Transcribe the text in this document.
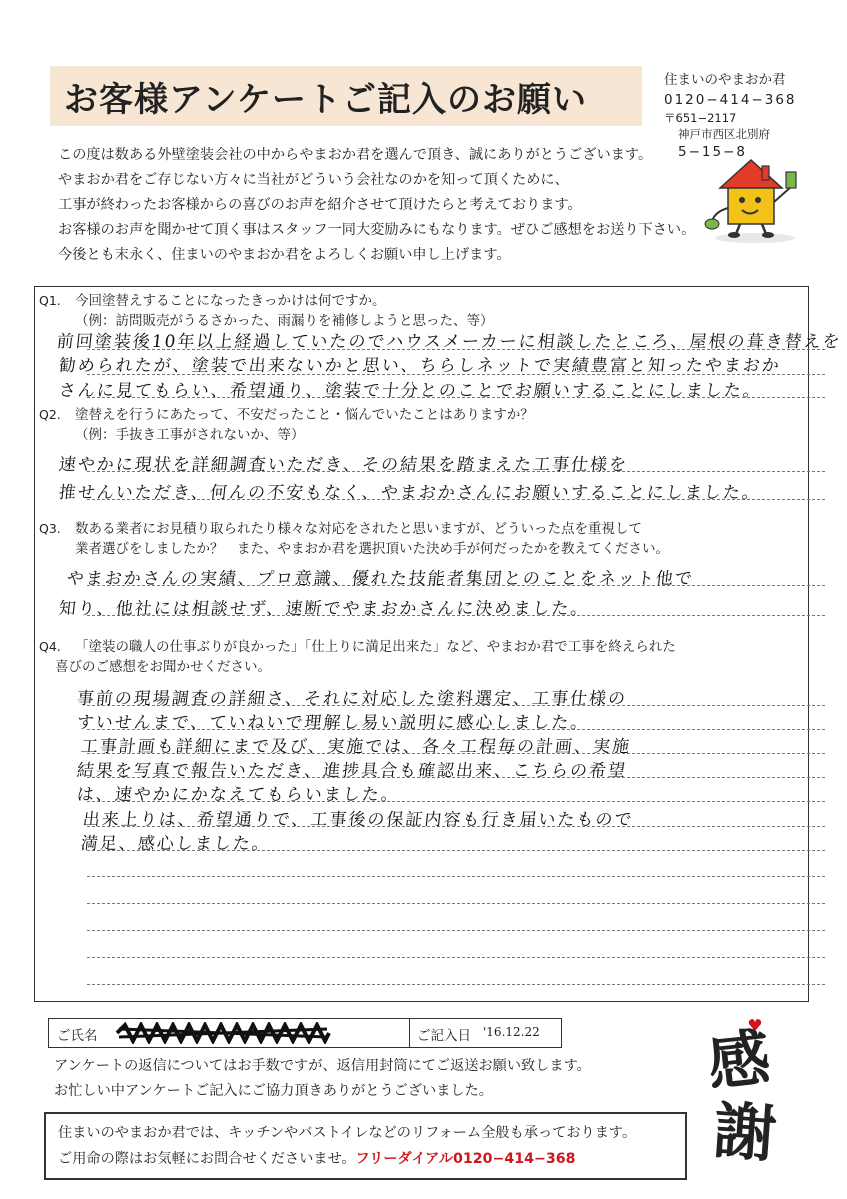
お客様アンケートご記入のお願い	住まいのやまおか君
0120−414−368
〒651−2117
神戸市西区北別府
5−15−8
この度は数ある外壁塗装会社の中からやまおか君を選んで頂き、誠にありがとうございます。
やまおか君をご存じない方々に当社がどういう会社なのかを知って頂くために、
工事が終わったお客様からの喜びのお声を紹介させて頂けたらと考えております。
お客様のお声を聞かせて頂く事はスタッフ一同大変励みにもなります。ぜひご感想をお送り下さい。
今後とも末永く、住まいのやまおか君をよろしくお願い申し上げます。
Q1. 今回塗替えすることになったきっかけは何ですか。
（例：訪問販売がうるさかった、雨漏りを補修しようと思った、等）
前回塗装後10年以上経過していたのでハウスメーカーに相談したところ、屋根の葺き替えを
勧められたが、塗装で出来ないかと思い、ちらしネットで実績豊富と知ったやまおか
さんに見てもらい、希望通り、塗装で十分とのことでお願いすることにしました。
Q2. 塗替えを行うにあたって、不安だったこと・悩んでいたことはありますか？
（例：手抜き工事がされないか、等）
速やかに現状を詳細調査いただき、その結果を踏まえた工事仕様を
推せんいただき、何んの不安もなく、やまおかさんにお願いすることにしました。
Q3. 数ある業者にお見積り取られたり様々な対応をされたと思いますが、どういった点を重視して
業者選びをしましたか？　また、やまおか君を選択頂いた決め手が何だったかを教えてください。
やまおかさんの実績、プロ意識、優れた技能者集団とのことをネット他で
知り、他社には相談せず、速断でやまおかさんに決めました。
Q4. 「塗装の職人の仕事ぶりが良かった」「仕上りに満足出来た」など、やまおか君で工事を終えられた
喜びのご感想をお聞かせください。
事前の現場調査の詳細さ、それに対応した塗料選定、工事仕様の
すいせんまで、ていねいで理解し易い説明に感心しました。
工事計画も詳細にまで及び、実施では、各々工程毎の計画、実施
結果を写真で報告いただき、進捗具合も確認出来、こちらの希望
は、速やかにかなえてもらいました。
出来上りは、希望通りで、工事後の保証内容も行き届いたもので
満足、感心しました。
ご氏名	ご記入日 '16.12.22
アンケートの返信についてはお手数ですが、返信用封筒にてご返送お願い致します。
お忙しい中アンケートご記入にご協力頂きありがとうございました。	感
謝
住まいのやまおか君では、キッチンやバストイレなどのリフォーム全般も承っております。
ご用命の際はお気軽にお問合せくださいませ。フリーダイアル0120−414−368
